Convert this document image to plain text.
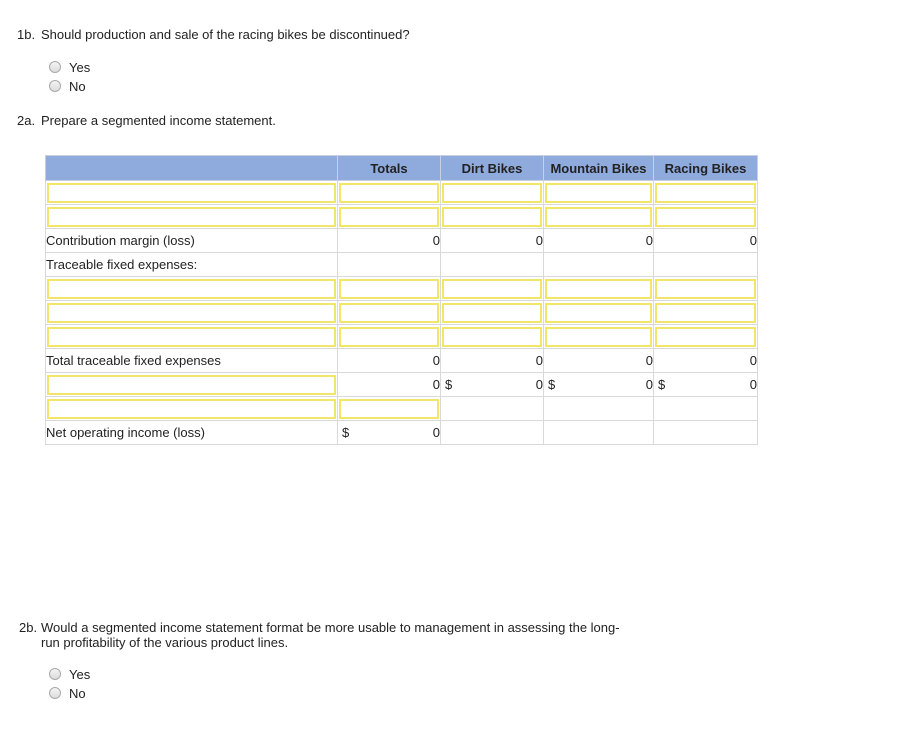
1b. Should production and sale of the racing bikes be discontinued?
Yes
No
2a. Prepare a segmented income statement.
	Totals	Dirt Bikes	Mountain Bikes	Racing Bikes

Contribution margin (loss)	0	0	0	0
Traceable fixed expenses:				

Total traceable fixed expenses	0	0	0	0

	0	$ 0	$ 0	$ 0

Net operating income (loss)	$ 0			
2b. Would a segmented income statement format be more usable to management in assessing the long-
run profitability of the various product lines.
Yes
No
